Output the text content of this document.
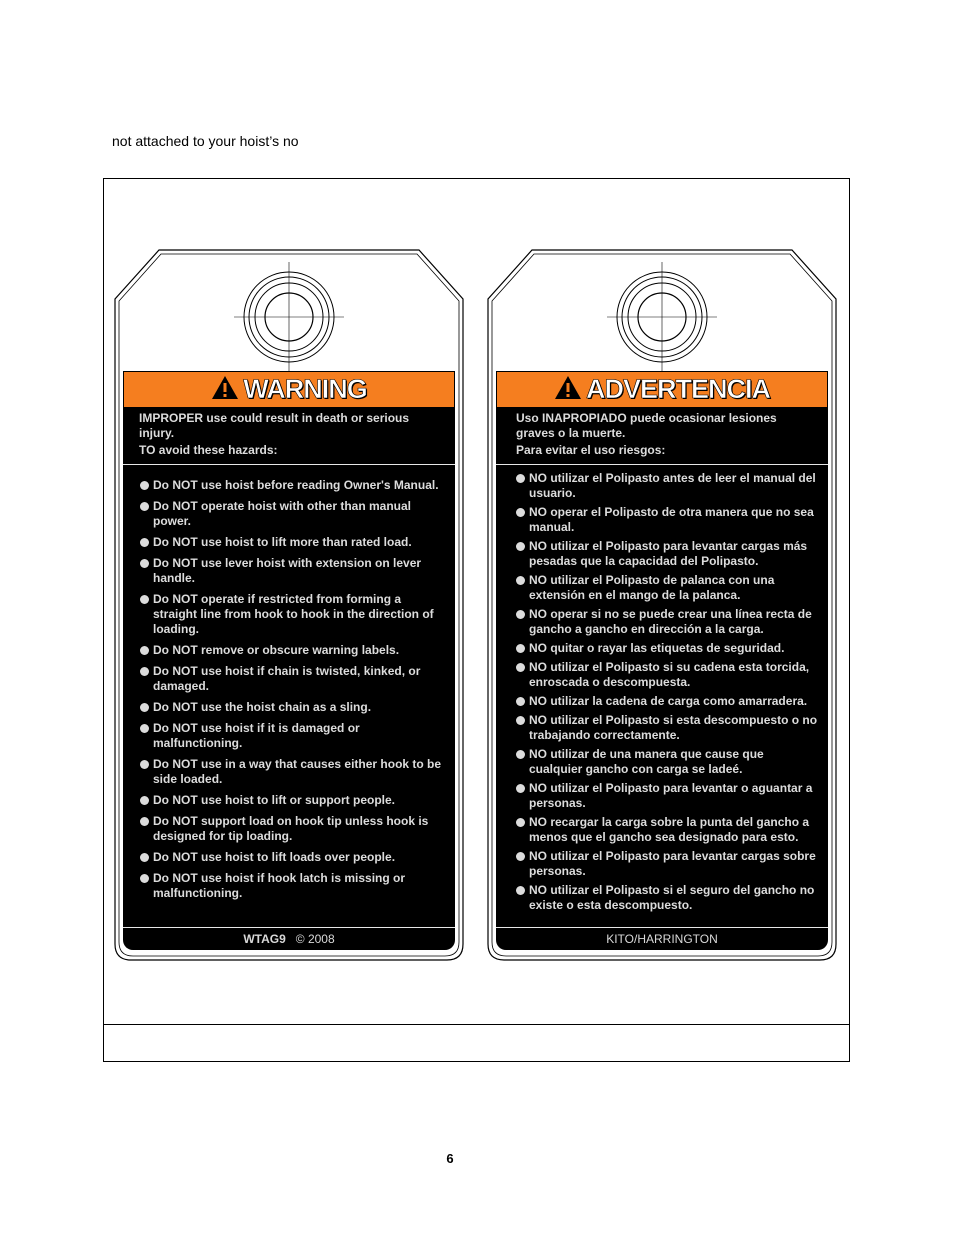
not attached to your hoist’s no
WARNING

IMPROPER use could result in death or serious injury.

TO avoid these hazards:

Do NOT use hoist before reading Owner's Manual.
Do NOT operate hoist with other than manual power.
Do NOT use hoist to lift more than rated load.
Do NOT use lever hoist with extension on lever handle.
Do NOT operate if restricted from forming a straight line from hook to hook in the direction of loading.
Do NOT remove or obscure warning labels.
Do NOT use hoist if chain is twisted, kinked, or damaged.
Do NOT use the hoist chain as a sling.
Do NOT use hoist if it is damaged or malfunctioning.
Do NOT use in a way that causes either hook to be side loaded.
Do NOT use hoist to lift or support people.
Do NOT support load on hook tip unless hook is designed for tip loading.
Do NOT use hoist to lift loads over people.
Do NOT use hoist if hook latch is missing or malfunctioning.
WTAG9 © 2008
ADVERTENCIA

Uso INAPROPIADO puede ocasionar lesiones graves o la muerte.

Para evitar el uso riesgos:

NO utilizar el Polipasto antes de leer el manual del usuario.
NO operar el Polipasto de otra manera que no sea manual.
NO utilizar el Polipasto para levantar cargas más pesadas que la capacidad del Polipasto.
NO utilizar el Polipasto de palanca con una extensión en el mango de la palanca.
NO operar si no se puede crear una línea recta de gancho a gancho en dirección a la carga.
NO quitar o rayar las etiquetas de seguridad.
NO utilizar el Polipasto si su cadena esta torcida, enroscada o descompuesta.
NO utilizar la cadena de carga como amarradera.
NO utilizar el Polipasto si esta descompuesto o no trabajando correctamente.
NO utilizar de una manera que cause que cualquier gancho con carga se ladeé.
NO utilizar el Polipasto para levantar o aguantar a personas.
NO recargar la carga sobre la punta del gancho a menos que el gancho sea designado para esto.
NO utilizar el Polipasto para levantar cargas sobre personas.
NO utilizar el Polipasto si el seguro del gancho no existe o esta descompuesto.
KITO/HARRINGTON
6
